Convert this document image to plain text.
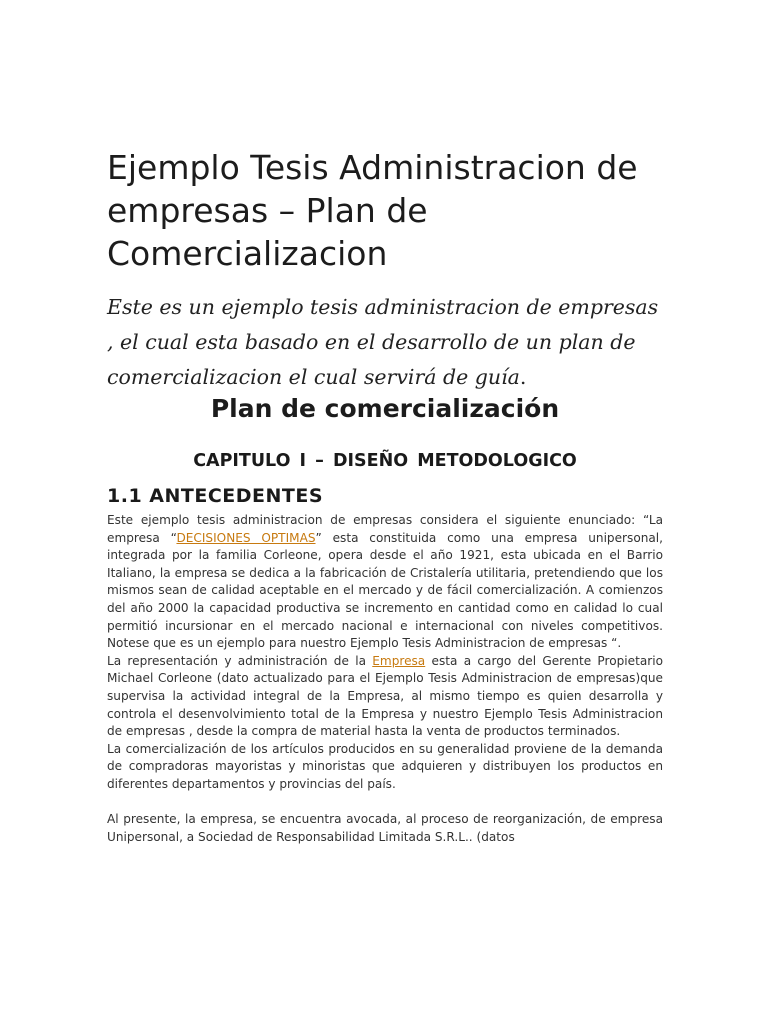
Ejemplo Tesis Administracion de empresas – Plan de Comercializacion

Este es un ejemplo tesis administracion de empresas , el cual esta basado en el desarrollo de un plan de comercializacion el cual servirá de guía.

Plan de comercialización
CAPITULO I – DISEÑO METODOLOGICO
1.1 ANTECEDENTES

Este ejemplo tesis administracion de empresas considera el siguiente enunciado: “La empresa “DECISIONES OPTIMAS” esta constituida como una empresa unipersonal, integrada por la familia Corleone, opera desde el año 1921, esta ubicada en el Barrio Italiano, la empresa se dedica a la fabricación de Cristalería utilitaria, pretendiendo que los mismos sean de calidad aceptable en el mercado y de fácil comercialización. A comienzos del año 2000 la capacidad productiva se incremento en cantidad como en calidad lo cual permitió incursionar en el mercado nacional e internacional con niveles competitivos. Notese que es un ejemplo para nuestro Ejemplo Tesis Administracion de empresas “.

La representación y administración de la Empresa esta a cargo del Gerente Propietario Michael Corleone (dato actualizado para el Ejemplo Tesis Administracion de empresas)que supervisa la actividad integral de la Empresa, al mismo tiempo es quien desarrolla y controla el desenvolvimiento total de la Empresa y nuestro Ejemplo Tesis Administracion de empresas , desde la compra de material hasta la venta de productos terminados.

La comercialización de los artículos producidos en su generalidad proviene de la demanda de compradoras mayoristas y minoristas que adquieren y distribuyen los productos en diferentes departamentos y provincias del país.

Al presente, la empresa, se encuentra avocada, al proceso de reorganización, de empresa Unipersonal, a Sociedad de Responsabilidad Limitada S.R.L.. (datos
